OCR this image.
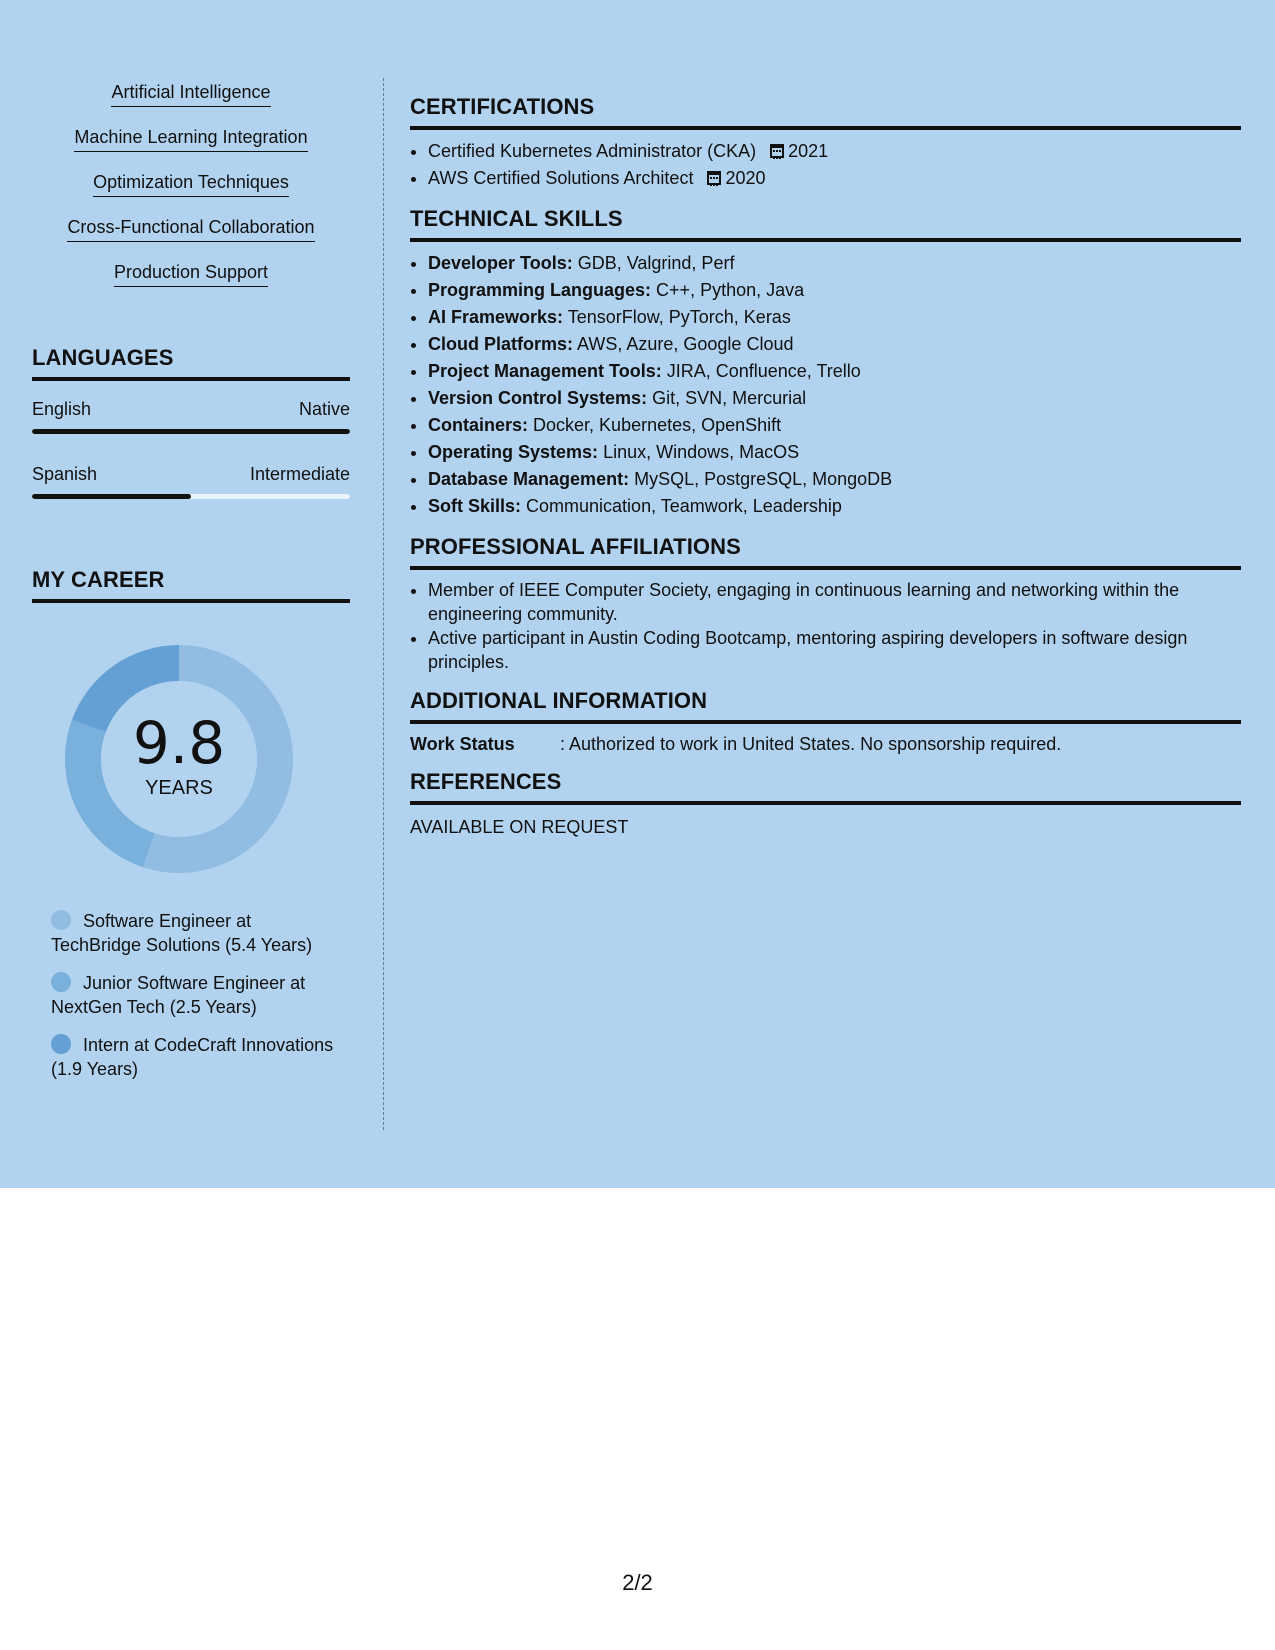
Artificial Intelligence
Machine Learning Integration
Optimization Techniques
Cross-Functional Collaboration
Production Support
LANGUAGES
English	Native
Spanish	Intermediate
MY CAREER
9.8
YEARS
Software Engineer at TechBridge Solutions (5.4 Years)
Junior Software Engineer at NextGen Tech (2.5 Years)
Intern at CodeCraft Innovations (1.9 Years)
CERTIFICATIONS
• Certified Kubernetes Administrator (CKA) 2021
• AWS Certified Solutions Architect 2020
TECHNICAL SKILLS
• Developer Tools: GDB, Valgrind, Perf
• Programming Languages: C++, Python, Java
• AI Frameworks: TensorFlow, PyTorch, Keras
• Cloud Platforms: AWS, Azure, Google Cloud
• Project Management Tools: JIRA, Confluence, Trello
• Version Control Systems: Git, SVN, Mercurial
• Containers: Docker, Kubernetes, OpenShift
• Operating Systems: Linux, Windows, MacOS
• Database Management: MySQL, PostgreSQL, MongoDB
• Soft Skills: Communication, Teamwork, Leadership
PROFESSIONAL AFFILIATIONS
• Member of IEEE Computer Society, engaging in continuous learning and networking within the engineering community.
• Active participant in Austin Coding Bootcamp, mentoring aspiring developers in software design principles.
ADDITIONAL INFORMATION
Work Status	: Authorized to work in United States. No sponsorship required.
REFERENCES
AVAILABLE ON REQUEST
2/2
